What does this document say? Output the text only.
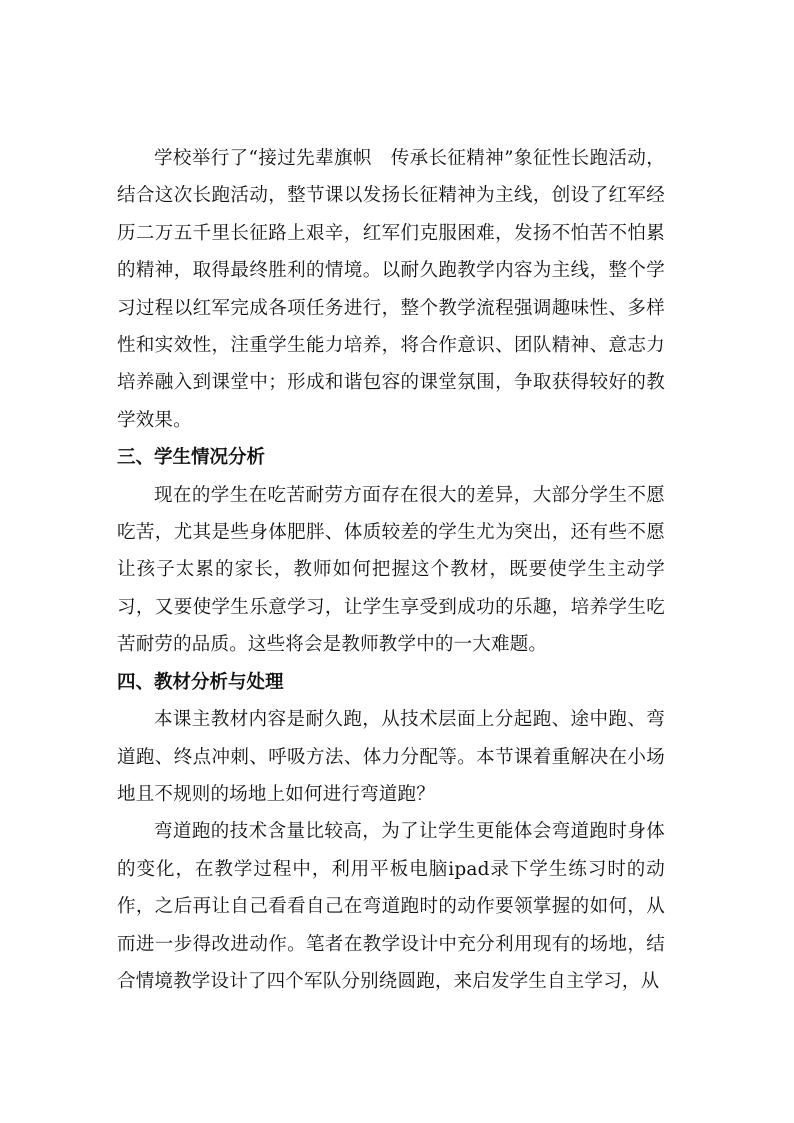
学校举行了“接过先辈旗帜　传承长征精神”象征性长跑活动，结合这次长跑活动，整节课以发扬长征精神为主线，创设了红军经历二万五千里长征路上艰辛，红军们克服困难，发扬不怕苦不怕累的精神，取得最终胜利的情境。以耐久跑教学内容为主线，整个学习过程以红军完成各项任务进行，整个教学流程强调趣味性、多样性和实效性，注重学生能力培养，将合作意识、团队精神、意志力培养融入到课堂中；形成和谐包容的课堂氛围，争取获得较好的教学效果。

三、学生情况分析

现在的学生在吃苦耐劳方面存在很大的差异，大部分学生不愿吃苦，尤其是些身体肥胖、体质较差的学生尤为突出，还有些不愿让孩子太累的家长，教师如何把握这个教材，既要使学生主动学习，又要使学生乐意学习，让学生享受到成功的乐趣，培养学生吃苦耐劳的品质。这些将会是教师教学中的一大难题。

四、教材分析与处理

本课主教材内容是耐久跑，从技术层面上分起跑、途中跑、弯道跑、终点冲刺、呼吸方法、体力分配等。本节课着重解决在小场地且不规则的场地上如何进行弯道跑？

弯道跑的技术含量比较高，为了让学生更能体会弯道跑时身体的变化，在教学过程中，利用平板电脑ipad录下学生练习时的动作，之后再让自己看看自己在弯道跑时的动作要领掌握的如何，从而进一步得改进动作。笔者在教学设计中充分利用现有的场地，结合情境教学设计了四个军队分别绕圆跑，来启发学生自主学习，从
